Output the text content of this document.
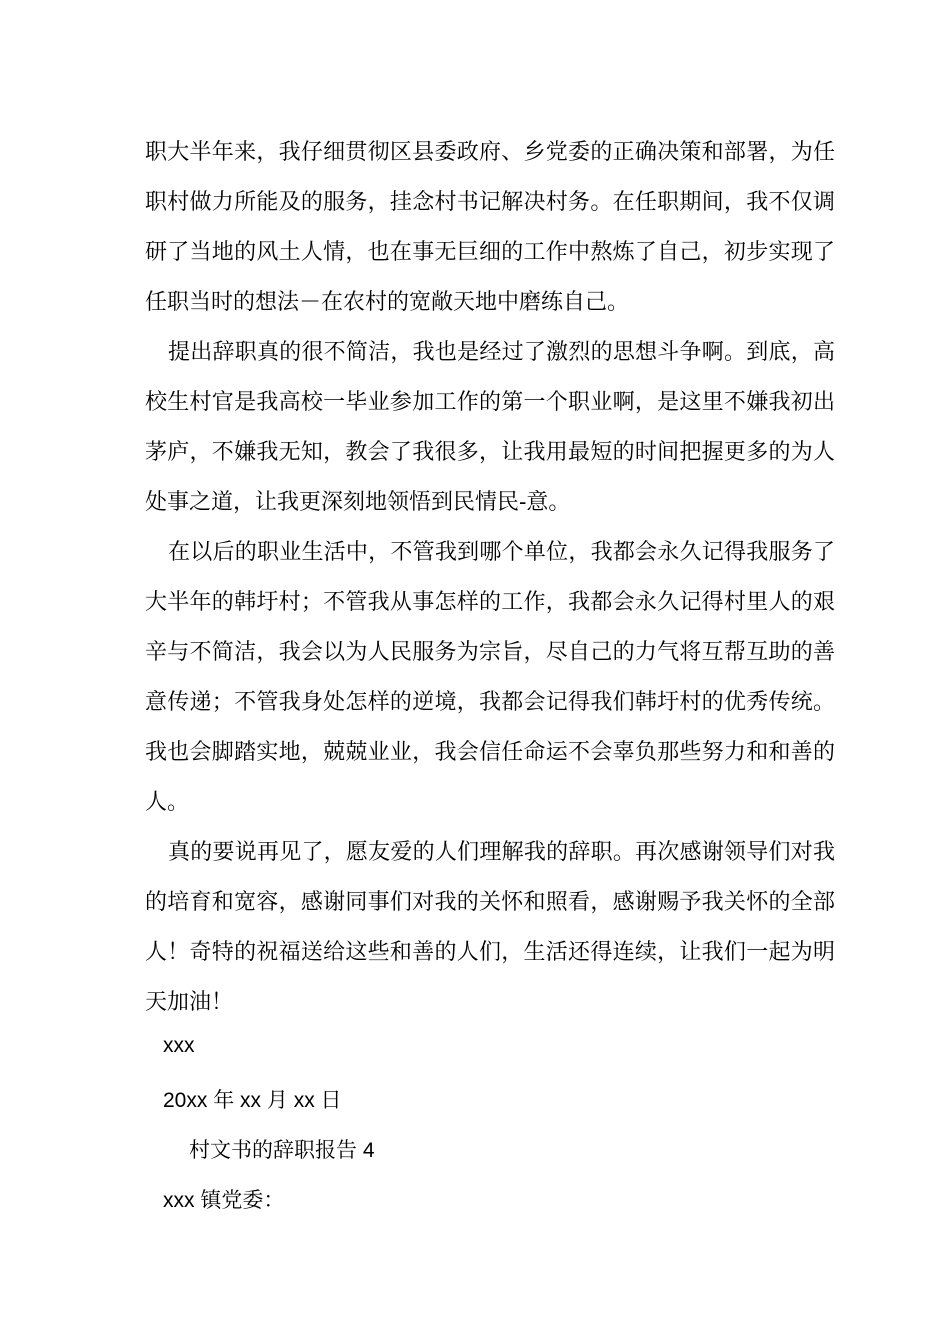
职大半年来，我仔细贯彻区县委政府、乡党委的正确决策和部署，为任职村做力所能及的服务，挂念村书记解决村务。在任职期间，我不仅调研了当地的风土人情，也在事无巨细的工作中熬炼了自己，初步实现了任职当时的想法－在农村的宽敞天地中磨练自己。

提出辞职真的很不简洁，我也是经过了激烈的思想斗争啊。到底，高校生村官是我高校一毕业参加工作的第一个职业啊，是这里不嫌我初出茅庐，不嫌我无知，教会了我很多，让我用最短的时间把握更多的为人处事之道，让我更深刻地领悟到民情民-意。

在以后的职业生活中，不管我到哪个单位，我都会永久记得我服务了大半年的韩圩村；不管我从事怎样的工作，我都会永久记得村里人的艰辛与不简洁，我会以为人民服务为宗旨，尽自己的力气将互帮互助的善意传递；不管我身处怎样的逆境，我都会记得我们韩圩村的优秀传统。我也会脚踏实地，兢兢业业，我会信任命运不会辜负那些努力和和善的人。

真的要说再见了，愿友爱的人们理解我的辞职。再次感谢领导们对我的培育和宽容，感谢同事们对我的关怀和照看，感谢赐予我关怀的全部人！奇特的祝福送给这些和善的人们，生活还得连续，让我们一起为明天加油！

xxx
20xx 年 xx 月 xx 日
村文书的辞职报告 4
xxx 镇党委：
